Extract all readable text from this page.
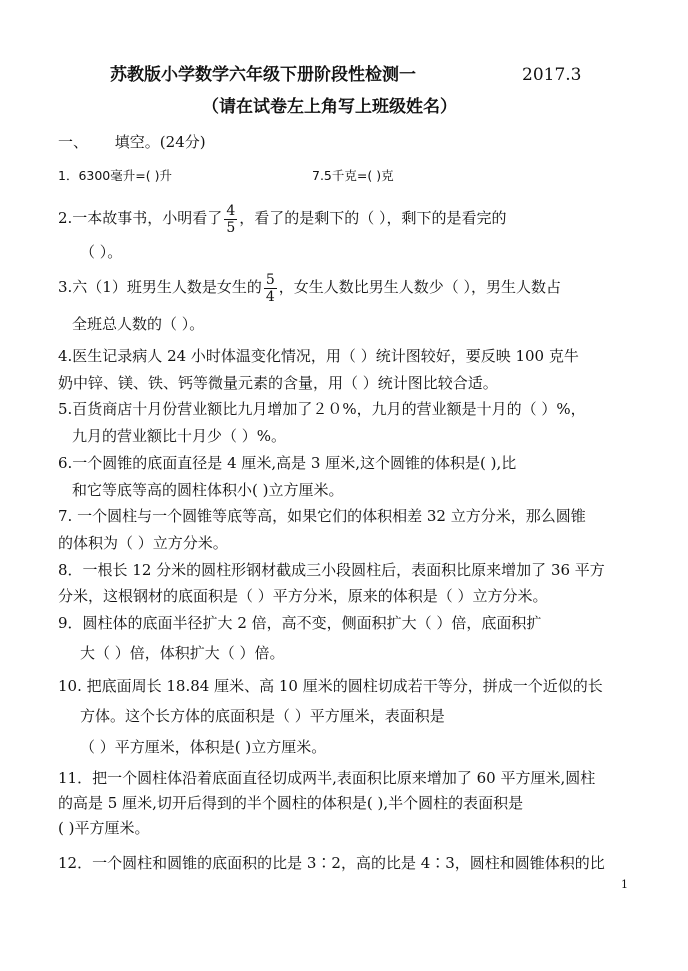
苏教版小学数学六年级下册阶段性检测一	2017.3
（请在试卷左上角写上班级姓名）
一、 填空。(24分)
1．6300毫升=( )升	7.5千克=( )克
2.一本故事书，小明看了 $\frac{4}{5}$ ，看了的是剩下的（ ），剩下的是看完的
（ ）。
3.六（1）班男生人数是女生的 $\frac{5}{4}$ ，女生人数比男生人数少（ ），男生人数占
全班总人数的（ ）。
4.医生记录病人 24 小时体温变化情况，用（ ）统计图较好，要反映 100 克牛
奶中锌、镁、铁、钙等微量元素的含量，用（ ）统计图比较合适。
5.百货商店十月份营业额比九月增加了２０%，九月的营业额是十月的（ ）%，
九月的营业额比十月少（ ）%。
6.一个圆锥的底面直径是 4 厘米,高是 3 厘米,这个圆锥的体积是( ),比
和它等底等高的圆柱体积小( )立方厘米。
7. 一个圆柱与一个圆锥等底等高，如果它们的体积相差 32 立方分米，那么圆锥
的体积为（ ）立方分米。
8．一根长 12 分米的圆柱形钢材截成三小段圆柱后，表面积比原来增加了 36 平方
分米，这根钢材的底面积是（ ）平方分米，原来的体积是（ ）立方分米。
9．圆柱体的底面半径扩大 2 倍，高不变，侧面积扩大（ ）倍，底面积扩
大（ ）倍，体积扩大（ ）倍。
10. 把底面周长 18.84 厘米、高 10 厘米的圆柱切成若干等分，拼成一个近似的长
方体。这个长方体的底面积是（ ）平方厘米，表面积是
（ ）平方厘米，体积是( )立方厘米。
11．把一个圆柱体沿着底面直径切成两半,表面积比原来增加了 60 平方厘米,圆柱
的高是 5 厘米,切开后得到的半个圆柱的体积是( ),半个圆柱的表面积是
( )平方厘米。
12．一个圆柱和圆锥的底面积的比是 3∶2，高的比是 4∶3，圆柱和圆锥体积的比
1
